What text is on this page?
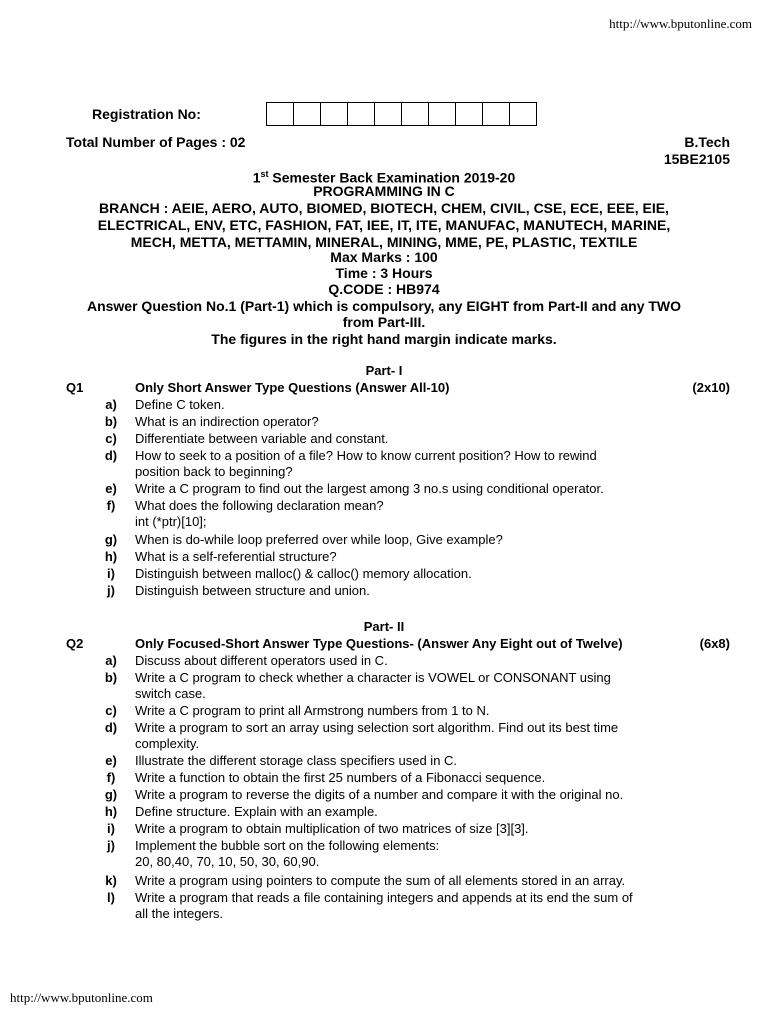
http://www.bputonline.com
Registration No:
Total Number of Pages : 02	B.Tech
15BE2105
1st Semester Back Examination 2019-20
PROGRAMMING IN C
BRANCH : AEIE, AERO, AUTO, BIOMED, BIOTECH, CHEM, CIVIL, CSE, ECE, EEE, EIE,
ELECTRICAL, ENV, ETC, FASHION, FAT, IEE, IT, ITE, MANUFAC, MANUTECH, MARINE,
MECH, METTA, METTAMIN, MINERAL, MINING, MME, PE, PLASTIC, TEXTILE
Max Marks : 100
Time : 3 Hours
Q.CODE : HB974
Answer Question No.1 (Part-1) which is compulsory, any EIGHT from Part-II and any TWO
from Part-III.
The figures in the right hand margin indicate marks.
Part- I
Q1	Only Short Answer Type Questions (Answer All-10)	(2x10)
a)	Define C token.
b)	What is an indirection operator?
c)	Differentiate between variable and constant.
d)	How to seek to a position of a file? How to know current position? How to rewind
position back to beginning?
e)	Write a C program to find out the largest among 3 no.s using conditional operator.
f)	What does the following declaration mean?
int (*ptr)[10];
g)	When is do-while loop preferred over while loop, Give example?
h)	What is a self-referential structure?
i)	Distinguish between malloc() & calloc() memory allocation.
j)	Distinguish between structure and union.
Part- II
Q2	Only Focused-Short Answer Type Questions- (Answer Any Eight out of Twelve)	(6x8)
a)	Discuss about different operators used in C.
b)	Write a C program to check whether a character is VOWEL or CONSONANT using
switch case.
c)	Write a C program to print all Armstrong numbers from 1 to N.
d)	Write a program to sort an array using selection sort algorithm. Find out its best time
complexity.
e)	Illustrate the different storage class specifiers used in C.
f)	Write a function to obtain the first 25 numbers of a Fibonacci sequence.
g)	Write a program to reverse the digits of a number and compare it with the original no.
h)	Define structure. Explain with an example.
i)	Write a program to obtain multiplication of two matrices of size [3][3].
j)	Implement the bubble sort on the following elements:
20, 80,40, 70, 10, 50, 30, 60,90.
k)	Write a program using pointers to compute the sum of all elements stored in an array.
l)	Write a program that reads a file containing integers and appends at its end the sum of
all the integers.
http://www.bputonline.com
